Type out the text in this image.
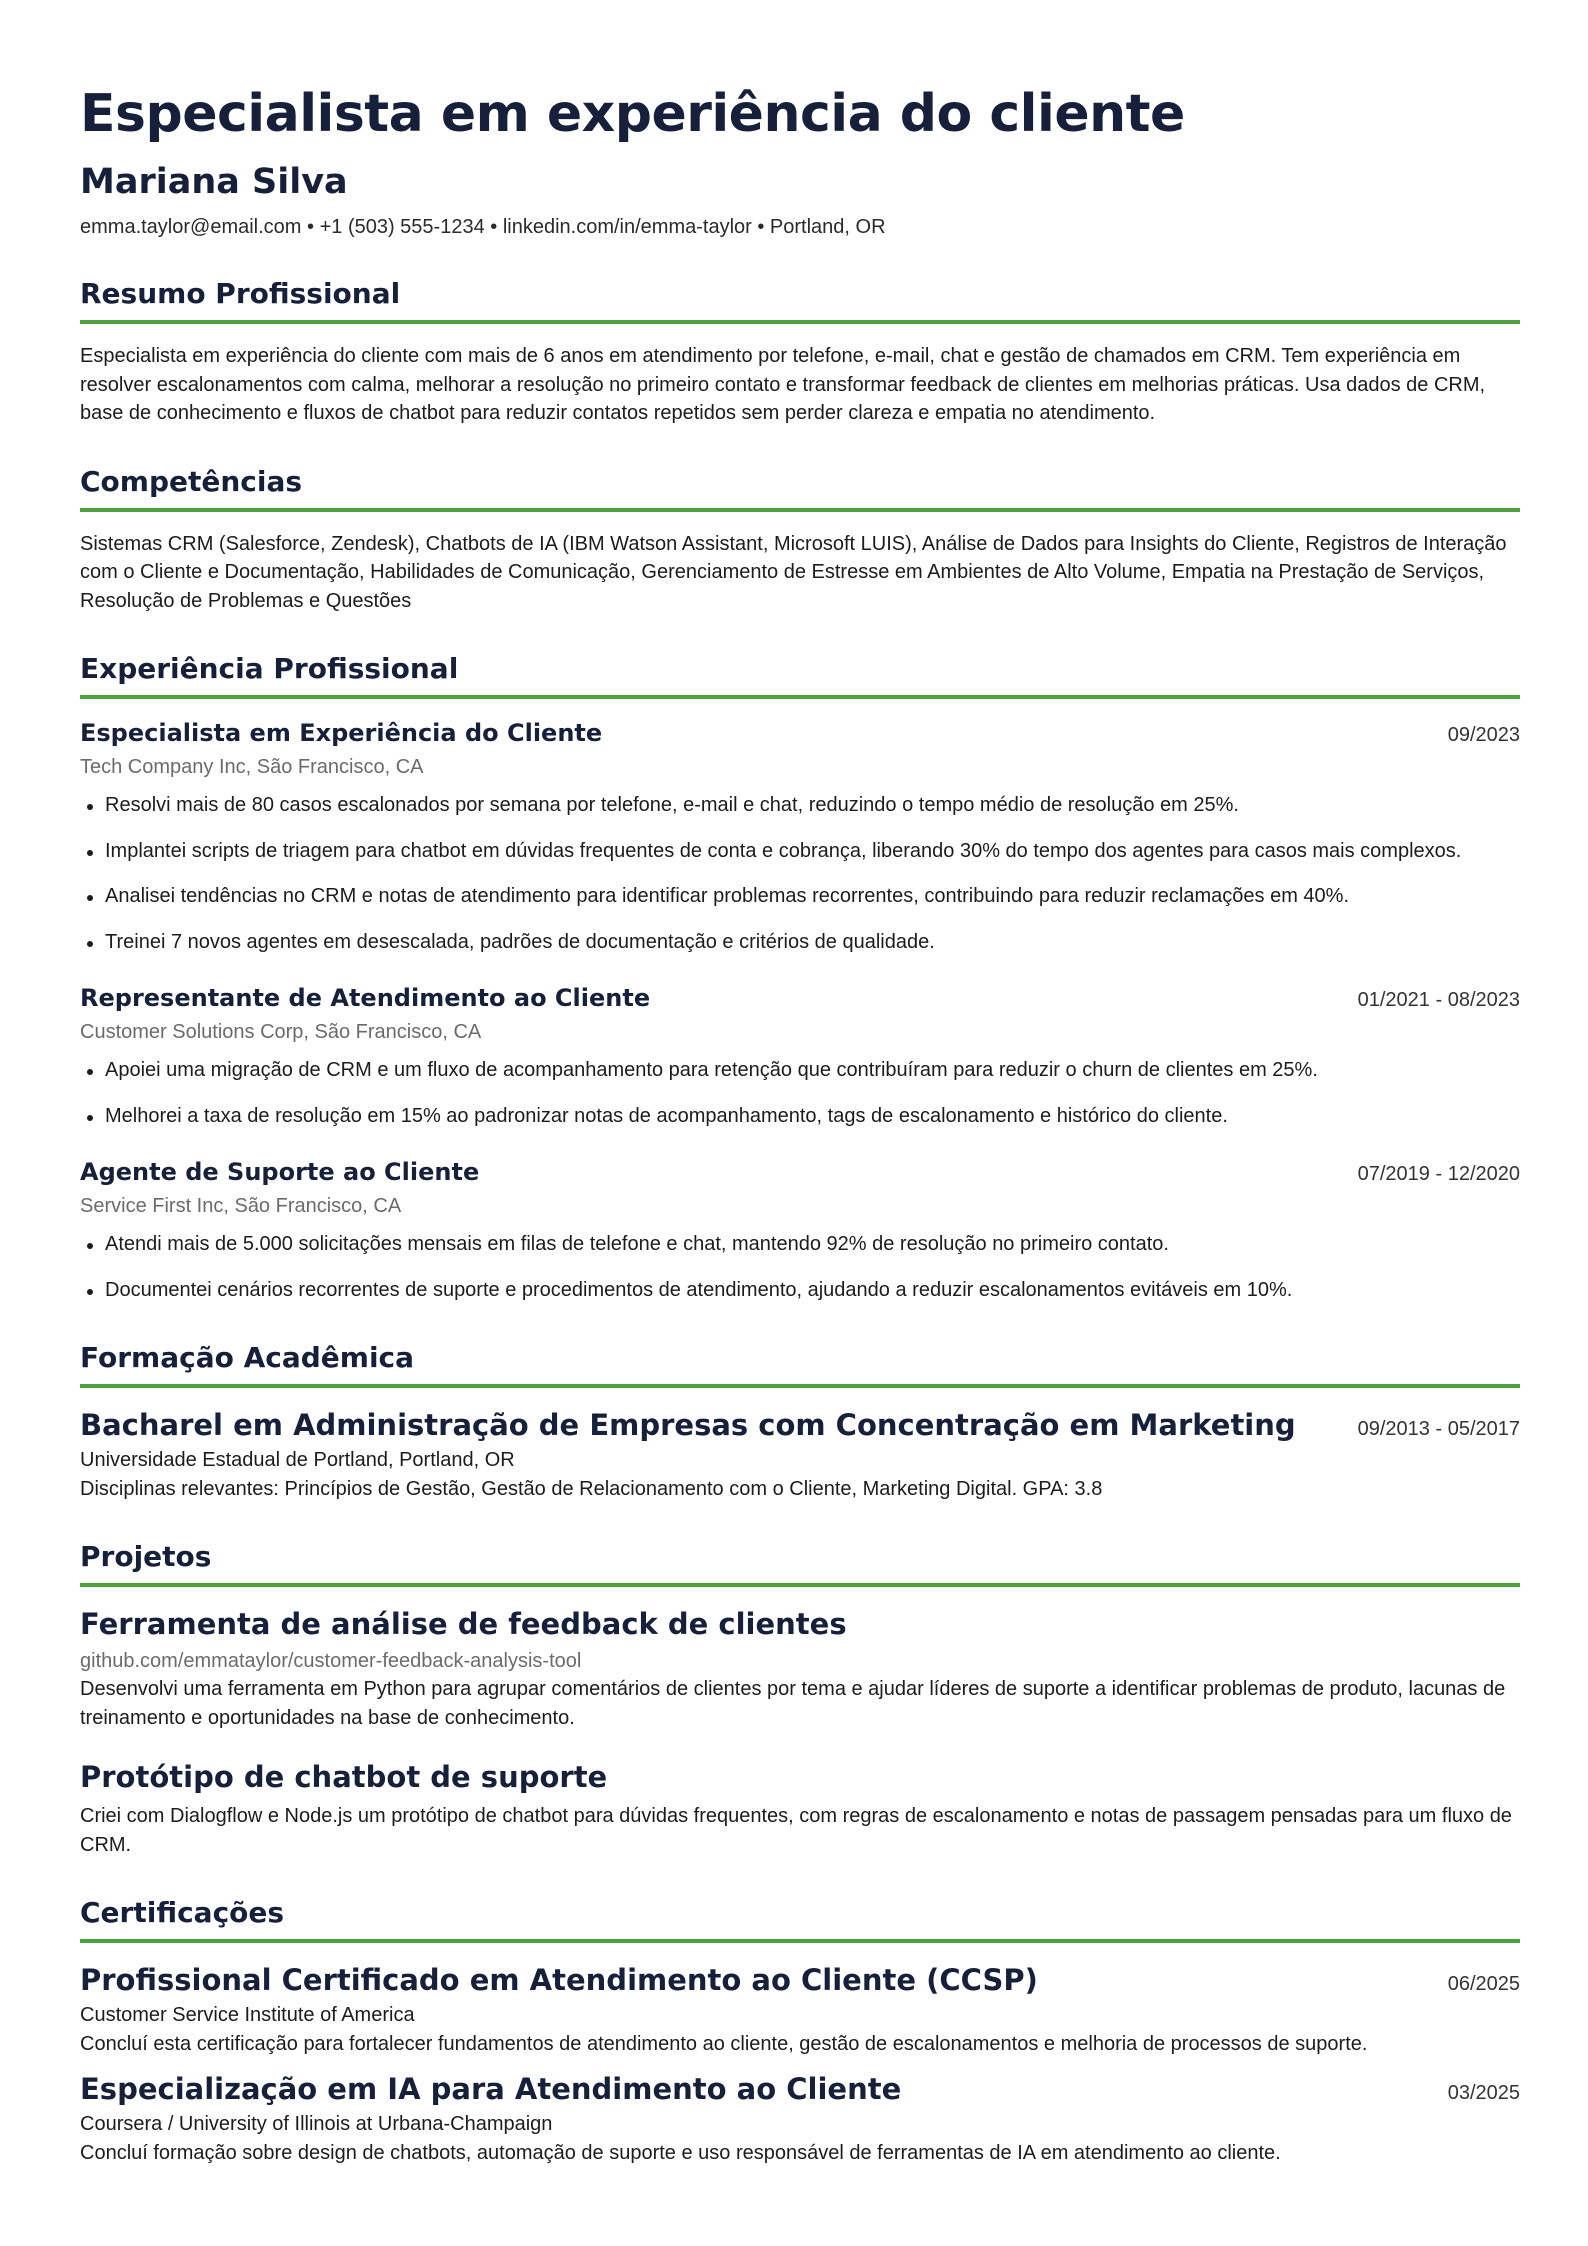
Especialista em experiência do cliente
Mariana Silva
emma.taylor@email.com • +1 (503) 555-1234 • linkedin.com/in/emma-taylor • Portland, OR
Resumo Profissional
Especialista em experiência do cliente com mais de 6 anos em atendimento por telefone, e-mail, chat e gestão de chamados em CRM. Tem experiência em resolver escalonamentos com calma, melhorar a resolução no primeiro contato e transformar feedback de clientes em melhorias práticas. Usa dados de CRM, base de conhecimento e fluxos de chatbot para reduzir contatos repetidos sem perder clareza e empatia no atendimento.
Competências
Sistemas CRM (Salesforce, Zendesk), Chatbots de IA (IBM Watson Assistant, Microsoft LUIS), Análise de Dados para Insights do Cliente, Registros de Interação com o Cliente e Documentação, Habilidades de Comunicação, Gerenciamento de Estresse em Ambientes de Alto Volume, Empatia na Prestação de Serviços, Resolução de Problemas e Questões
Experiência Profissional
Especialista em Experiência do Cliente	09/2023
Tech Company Inc, São Francisco, CA
Resolvi mais de 80 casos escalonados por semana por telefone, e-mail e chat, reduzindo o tempo médio de resolução em 25%.
Implantei scripts de triagem para chatbot em dúvidas frequentes de conta e cobrança, liberando 30% do tempo dos agentes para casos mais complexos.
Analisei tendências no CRM e notas de atendimento para identificar problemas recorrentes, contribuindo para reduzir reclamações em 40%.
Treinei 7 novos agentes em desescalada, padrões de documentação e critérios de qualidade.
Representante de Atendimento ao Cliente	01/2021 - 08/2023
Customer Solutions Corp, São Francisco, CA
Apoiei uma migração de CRM e um fluxo de acompanhamento para retenção que contribuíram para reduzir o churn de clientes em 25%.
Melhorei a taxa de resolução em 15% ao padronizar notas de acompanhamento, tags de escalonamento e histórico do cliente.
Agente de Suporte ao Cliente	07/2019 - 12/2020
Service First Inc, São Francisco, CA
Atendi mais de 5.000 solicitações mensais em filas de telefone e chat, mantendo 92% de resolução no primeiro contato.
Documentei cenários recorrentes de suporte e procedimentos de atendimento, ajudando a reduzir escalonamentos evitáveis em 10%.
Formação Acadêmica
Bacharel em Administração de Empresas com Concentração em Marketing	09/2013 - 05/2017
Universidade Estadual de Portland, Portland, OR
Disciplinas relevantes: Princípios de Gestão, Gestão de Relacionamento com o Cliente, Marketing Digital. GPA: 3.8
Projetos
Ferramenta de análise de feedback de clientes
github.com/emmataylor/customer-feedback-analysis-tool
Desenvolvi uma ferramenta em Python para agrupar comentários de clientes por tema e ajudar líderes de suporte a identificar problemas de produto, lacunas de treinamento e oportunidades na base de conhecimento.
Protótipo de chatbot de suporte
Criei com Dialogflow e Node.js um protótipo de chatbot para dúvidas frequentes, com regras de escalonamento e notas de passagem pensadas para um fluxo de CRM.
Certificações
Profissional Certificado em Atendimento ao Cliente (CCSP)	06/2025
Customer Service Institute of America
Concluí esta certificação para fortalecer fundamentos de atendimento ao cliente, gestão de escalonamentos e melhoria de processos de suporte.
Especialização em IA para Atendimento ao Cliente	03/2025
Coursera / University of Illinois at Urbana-Champaign
Concluí formação sobre design de chatbots, automação de suporte e uso responsável de ferramentas de IA em atendimento ao cliente.
